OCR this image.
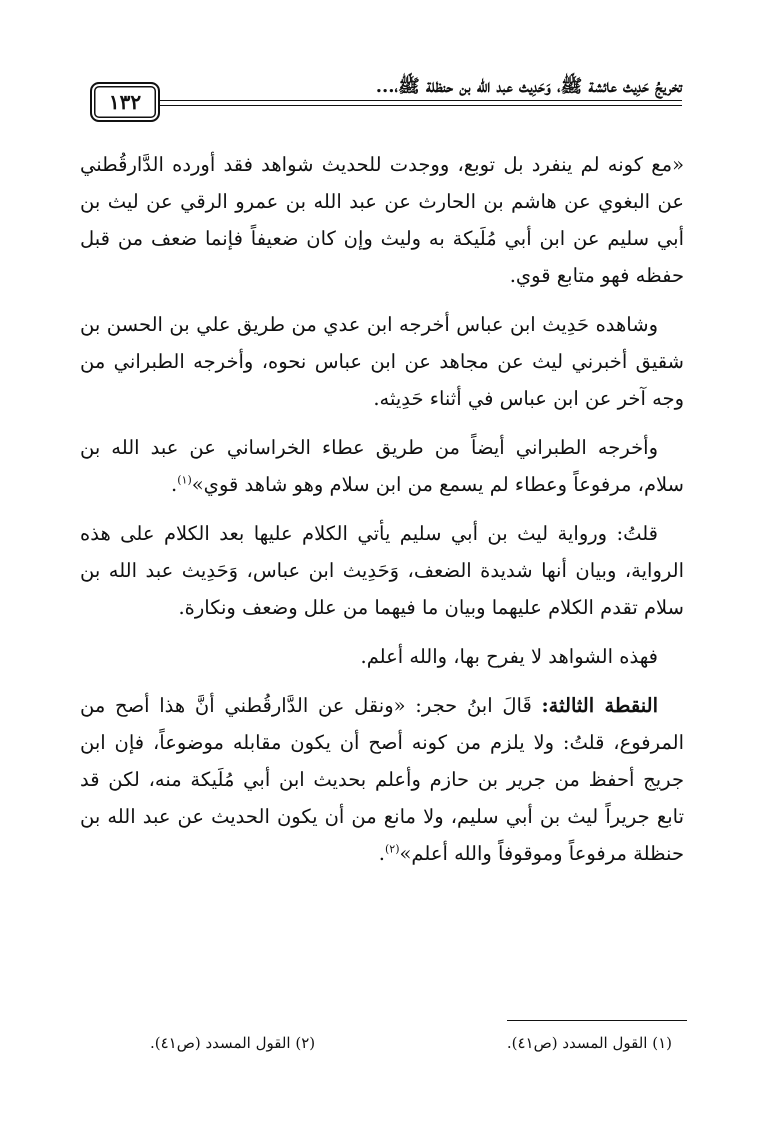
١٣٢
تخريجُ حَدِيث عائشة ﷺ، وَحَدِيث عبد الله بن حنظلة ﷺ،...

«مع كونه لم ينفرد بل توبع، ووجدت للحديث شواهد فقد أورده الدَّارقُطني عن البغوي عن هاشم بن الحارث عن عبد الله بن عمرو الرقي عن ليث بن أبي سليم عن ابن أبي مُلَيكة به وليث وإن كان ضعيفاً فإنما ضعف من قبل حفظه فهو متابع قوي.

وشاهده حَدِيث ابن عباس أخرجه ابن عدي من طريق علي بن الحسن بن شقيق أخبرني ليث عن مجاهد عن ابن عباس نحوه، وأخرجه الطبراني من وجه آخر عن ابن عباس في أثناء حَدِيثه.

وأخرجه الطبراني أيضاً من طريق عطاء الخراساني عن عبد الله بن سلام، مرفوعاً وعطاء لم يسمع من ابن سلام وهو شاهد قوي»$^{(١)}$.

قلتُ: ورواية ليث بن أبي سليم يأتي الكلام عليها بعد الكلام على هذه الرواية، وبيان أنها شديدة الضعف، وَحَدِيث ابن عباس، وَحَدِيث عبد الله بن سلام تقدم الكلام عليهما وبيان ما فيهما من علل وضعف ونكارة.

فهذه الشواهد لا يفرح بها، والله أعلم.

النقطة الثالثة: قَالَ ابنُ حجر: «ونقل عن الدَّارقُطني أنَّ هذا أصح من المرفوع، قلتُ: ولا يلزم من كونه أصح أن يكون مقابله موضوعاً، فإن ابن جريج أحفظ من جرير بن حازم وأعلم بحديث ابن أبي مُلَيكة منه، لكن قد تابع جريراً ليث بن أبي سليم، ولا مانع من أن يكون الحديث عن عبد الله بن حنظلة مرفوعاً وموقوفاً والله أعلم»$^{(٢)}$.

(١) القول المسدد (ص٤١).
(٢) القول المسدد (ص٤١).
